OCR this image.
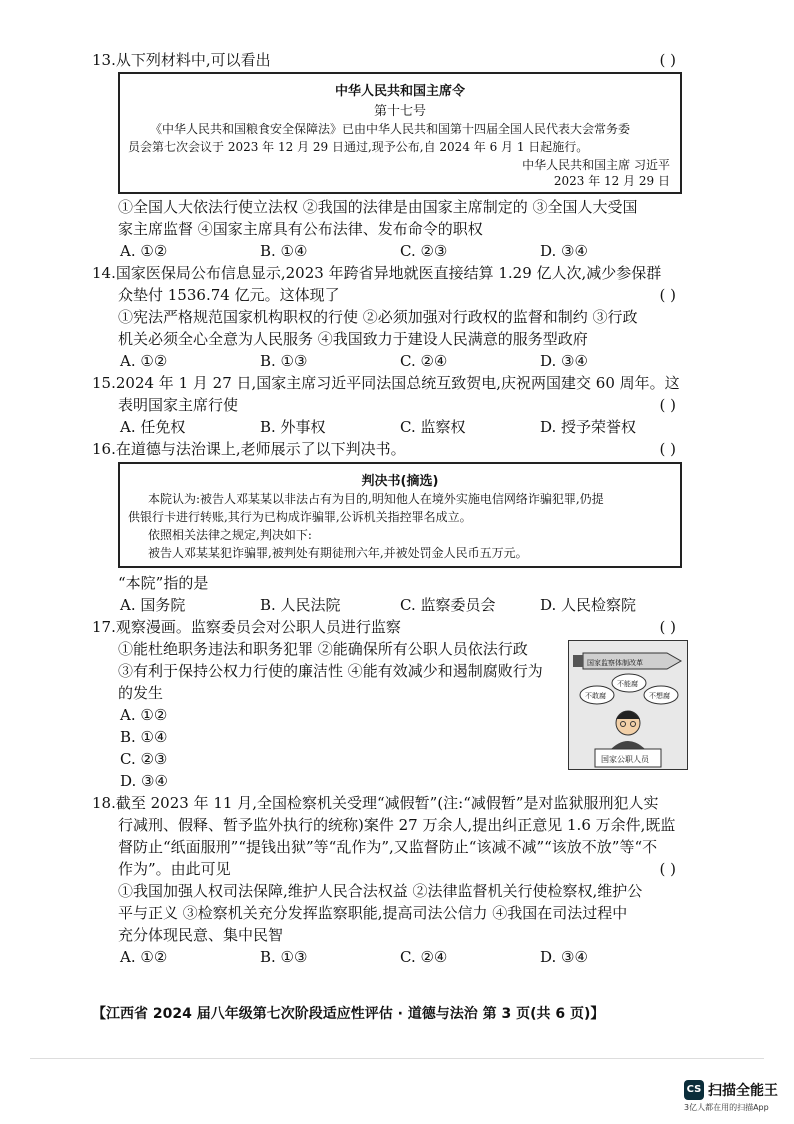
13.从下列材料中,可以看出	( )
中华人民共和国主席令
第十七号
《中华人民共和国粮食安全保障法》已由中华人民共和国第十四届全国人民代表大会常务委
员会第七次会议于 2023 年 12 月 29 日通过,现予公布,自 2024 年 6 月 1 日起施行。
中华人民共和国主席 习近平
2023 年 12 月 29 日
①全国人大依法行使立法权 ②我国的法律是由国家主席制定的 ③全国人大受国
家主席监督 ④国家主席具有公布法律、发布命令的职权
A. ①②	B. ①④	C. ②③	D. ③④
14.国家医保局公布信息显示,2023 年跨省异地就医直接结算 1.29 亿人次,减少参保群
众垫付 1536.74 亿元。这体现了	( )
①宪法严格规范国家机构职权的行使 ②必须加强对行政权的监督和制约 ③行政
机关必须全心全意为人民服务 ④我国致力于建设人民满意的服务型政府
A. ①②	B. ①③	C. ②④	D. ③④
15.2024 年 1 月 27 日,国家主席习近平同法国总统互致贺电,庆祝两国建交 60 周年。这
表明国家主席行使	( )
A. 任免权	B. 外事权	C. 监察权	D. 授予荣誉权
16.在道德与法治课上,老师展示了以下判决书。	( )
判决书(摘选)
本院认为:被告人邓某某以非法占有为目的,明知他人在境外实施电信网络诈骗犯罪,仍提
供银行卡进行转账,其行为已构成诈骗罪,公诉机关指控罪名成立。
依照相关法律之规定,判决如下:
被告人邓某某犯诈骗罪,被判处有期徒刑六年,并被处罚金人民币五万元。
“本院”指的是
A. 国务院	B. 人民法院	C. 监察委员会	D. 人民检察院
17.观察漫画。监察委员会对公职人员进行监察	( )
①能杜绝职务违法和职务犯罪 ②能确保所有公职人员依法行政
③有利于保持公权力行使的廉洁性 ④能有效减少和遏制腐败行为
的发生
A. ①②
B. ①④
C. ②③
D. ③④
国家监察体制改革
不敢腐
不能腐
不想腐
国家公职人员
18.截至 2023 年 11 月,全国检察机关受理“减假暂”(注:“减假暂”是对监狱服刑犯人实
行减刑、假释、暂予监外执行的统称)案件 27 万余人,提出纠正意见 1.6 万余件,既监
督防止“纸面服刑”“提钱出狱”等“乱作为”,又监督防止“该减不减”“该放不放”等“不
作为”。由此可见	( )
①我国加强人权司法保障,维护人民合法权益 ②法律监督机关行使检察权,维护公
平与正义 ③检察机关充分发挥监察职能,提高司法公信力 ④我国在司法过程中
充分体现民意、集中民智
A. ①②	B. ①③	C. ②④	D. ③④
【江西省 2024 届八年级第七次阶段适应性评估 · 道德与法治 第 3 页(共 6 页)】
CS 扫描全能王
3亿人都在用的扫描App
